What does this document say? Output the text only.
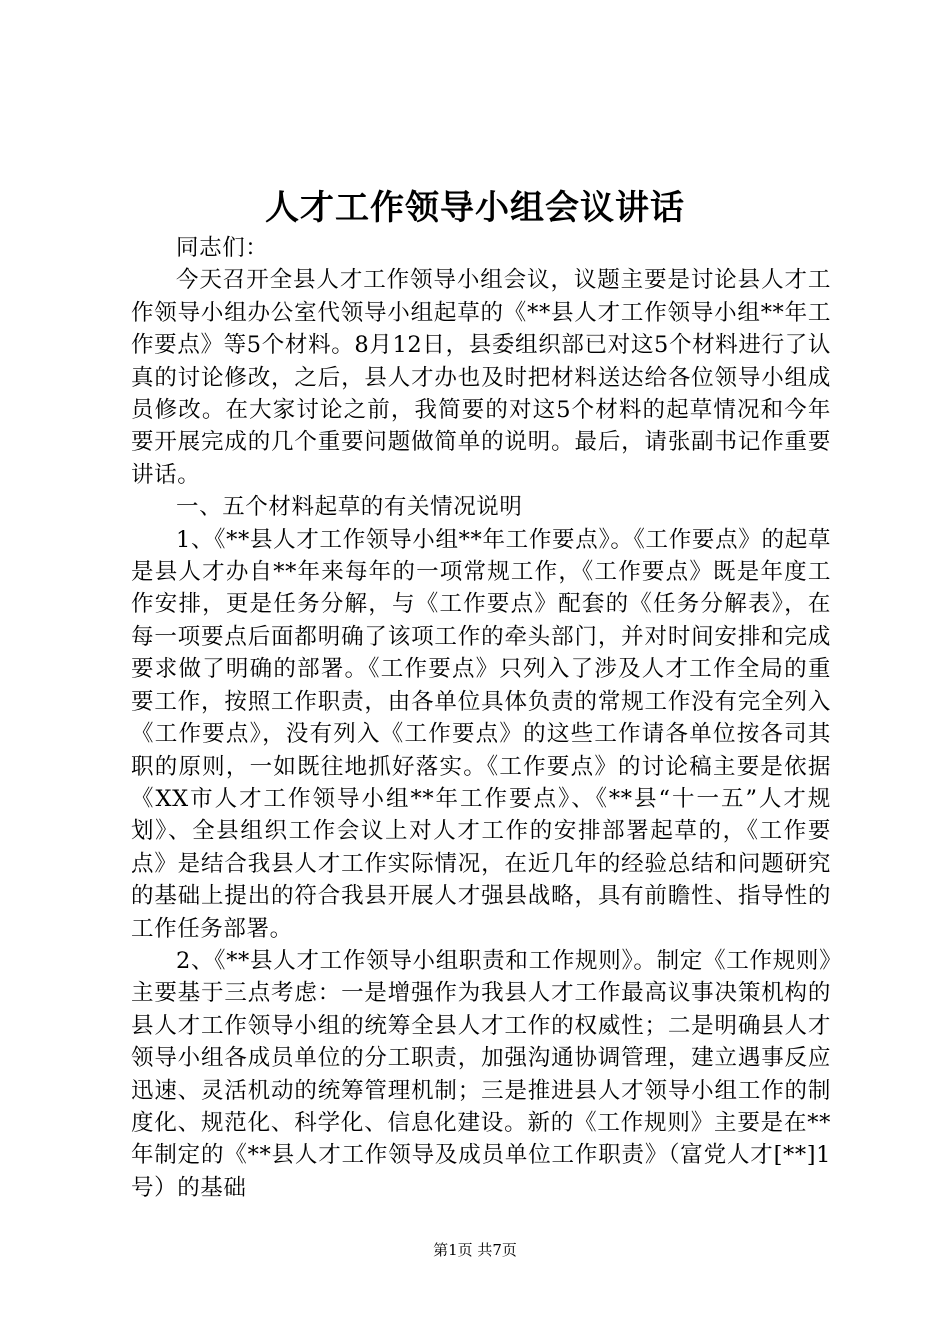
人才工作领导小组会议讲话

同志们：

今天召开全县人才工作领导小组会议，议题主要是讨论县人才工作领导小组办公室代领导小组起草的《**县人才工作领导小组**年工作要点》等5个材料。8月12日，县委组织部已对这5个材料进行了认真的讨论修改，之后，县人才办也及时把材料送达给各位领导小组成员修改。在大家讨论之前，我简要的对这5个材料的起草情况和今年要开展完成的几个重要问题做简单的说明。最后，请张副书记作重要讲话。

一、五个材料起草的有关情况说明

1、《**县人才工作领导小组**年工作要点》。《工作要点》的起草是县人才办自**年来每年的一项常规工作，《工作要点》既是年度工作安排，更是任务分解，与《工作要点》配套的《任务分解表》，在每一项要点后面都明确了该项工作的牵头部门，并对时间安排和完成要求做了明确的部署。《工作要点》只列入了涉及人才工作全局的重要工作，按照工作职责，由各单位具体负责的常规工作没有完全列入《工作要点》，没有列入《工作要点》的这些工作请各单位按各司其职的原则，一如既往地抓好落实。《工作要点》的讨论稿主要是依据《XX市人才工作领导小组**年工作要点》、《**县“十一五”人才规划》、全县组织工作会议上对人才工作的安排部署起草的，《工作要点》是结合我县人才工作实际情况，在近几年的经验总结和问题研究的基础上提出的符合我县开展人才强县战略，具有前瞻性、指导性的工作任务部署。

2、《**县人才工作领导小组职责和工作规则》。制定《工作规则》主要基于三点考虑：一是增强作为我县人才工作最高议事决策机构的县人才工作领导小组的统筹全县人才工作的权威性；二是明确县人才领导小组各成员单位的分工职责，加强沟通协调管理，建立遇事反应迅速、灵活机动的统筹管理机制；三是推进县人才领导小组工作的制度化、规范化、科学化、信息化建设。新的《工作规则》主要是在**年制定的《**县人才工作领导及成员单位工作职责》（富党人才[**]1号）的基础

第1页 共7页
